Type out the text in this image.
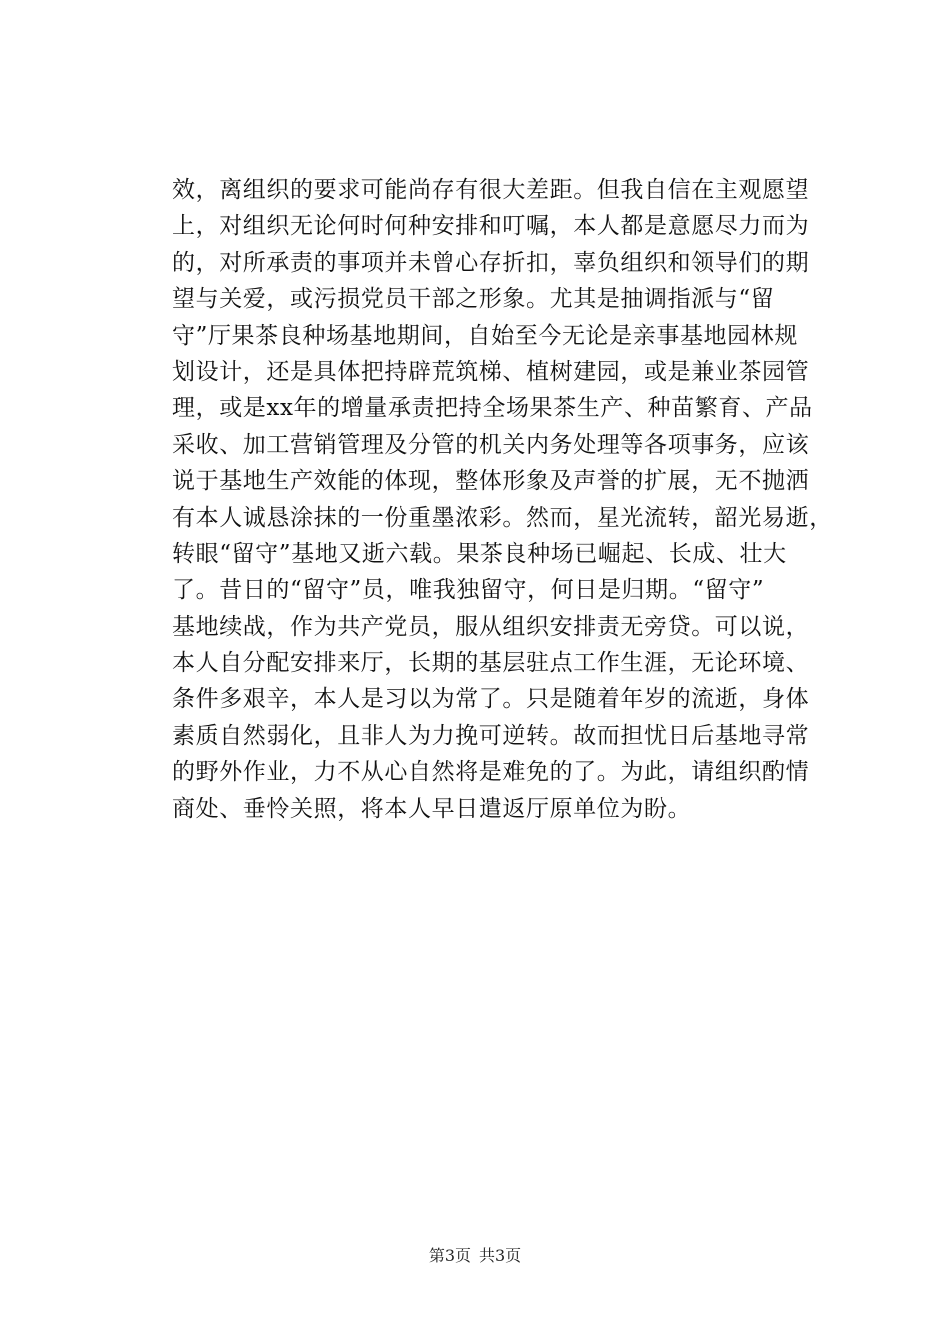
效，离组织的要求可能尚存有很大差距。但我自信在主观愿望
上，对组织无论何时何种安排和叮嘱，本人都是意愿尽力而为
的，对所承责的事项并未曾心存折扣，辜负组织和领导们的期
望与关爱，或污损党员干部之形象。尤其是抽调指派与“留
守”厅果茶良种场基地期间，自始至今无论是亲事基地园林规
划设计，还是具体把持辟荒筑梯、植树建园，或是兼业茶园管
理，或是xx年的增量承责把持全场果茶生产、种苗繁育、产品
采收、加工营销管理及分管的机关内务处理等各项事务，应该
说于基地生产效能的体现，整体形象及声誉的扩展，无不抛洒
有本人诚恳涂抹的一份重墨浓彩。然而，星光流转，韶光易逝，
转眼“留守”基地又逝六载。果茶良种场已崛起、长成、壮大
了。昔日的“留守”员，唯我独留守，何日是归期。“留守”
基地续战，作为共产党员，服从组织安排责无旁贷。可以说，
本人自分配安排来厅，长期的基层驻点工作生涯，无论环境、
条件多艰辛，本人是习以为常了。只是随着年岁的流逝，身体
素质自然弱化，且非人为力挽可逆转。故而担忧日后基地寻常
的野外作业，力不从心自然将是难免的了。为此，请组织酌情
商处、垂怜关照，将本人早日遣返厅原单位为盼。
第3页 共3页
